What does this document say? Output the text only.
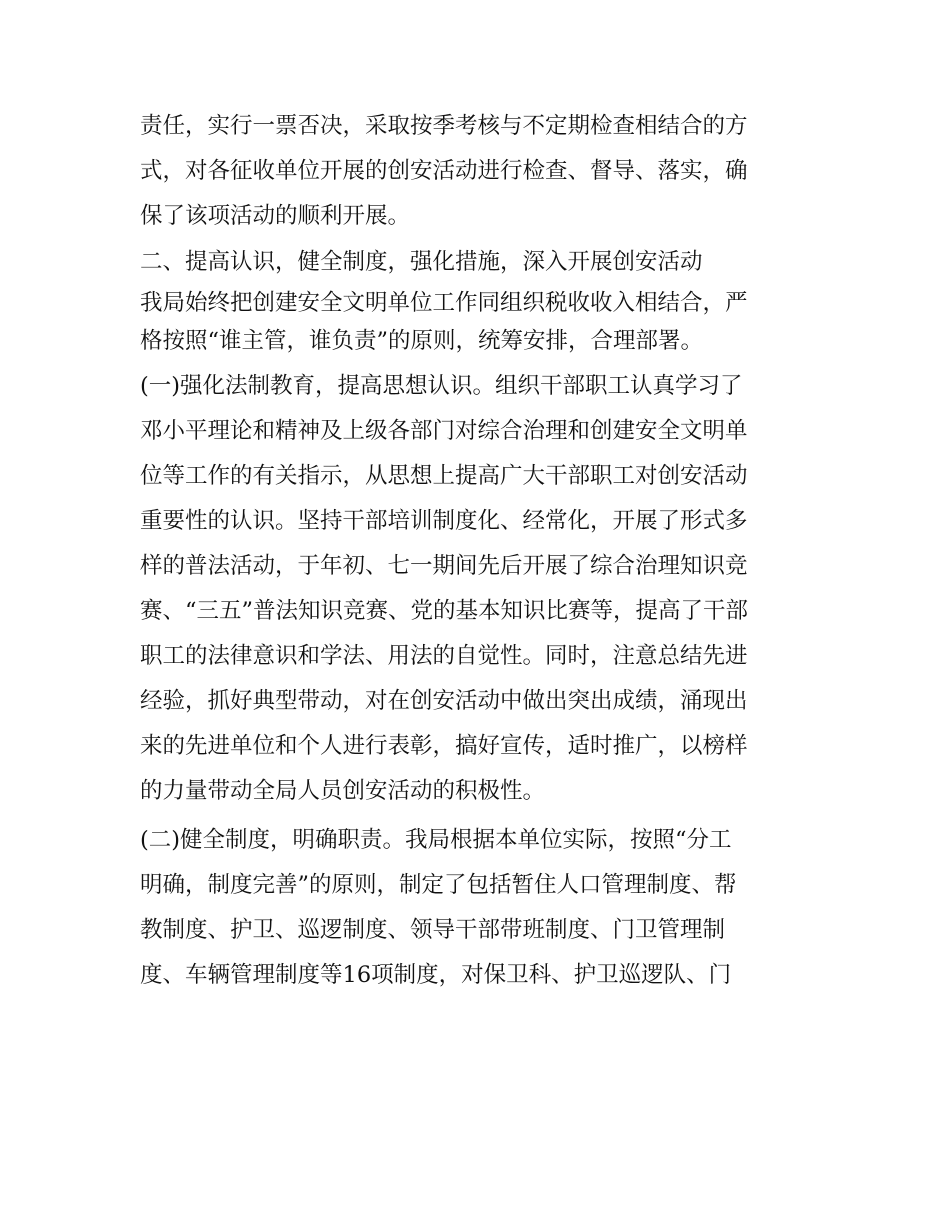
责任，实行一票否决，采取按季考核与不定期检查相结合的方
式，对各征收单位开展的创安活动进行检查、督导、落实，确
保了该项活动的顺利开展。

二、提高认识，健全制度，强化措施，深入开展创安活动

我局始终把创建安全文明单位工作同组织税收收入相结合，严
格按照“谁主管，谁负责”的原则，统筹安排，合理部署。

(一)强化法制教育，提高思想认识。组织干部职工认真学习了
邓小平理论和精神及上级各部门对综合治理和创建安全文明单
位等工作的有关指示，从思想上提高广大干部职工对创安活动
重要性的认识。坚持干部培训制度化、经常化，开展了形式多
样的普法活动，于年初、七一期间先后开展了综合治理知识竞
赛、“三五”普法知识竞赛、党的基本知识比赛等，提高了干部
职工的法律意识和学法、用法的自觉性。同时，注意总结先进
经验，抓好典型带动，对在创安活动中做出突出成绩，涌现出
来的先进单位和个人进行表彰，搞好宣传，适时推广，以榜样
的力量带动全局人员创安活动的积极性。

(二)健全制度，明确职责。我局根据本单位实际，按照“分工
明确，制度完善”的原则，制定了包括暂住人口管理制度、帮
教制度、护卫、巡逻制度、领导干部带班制度、门卫管理制
度、车辆管理制度等16项制度，对保卫科、护卫巡逻队、门
